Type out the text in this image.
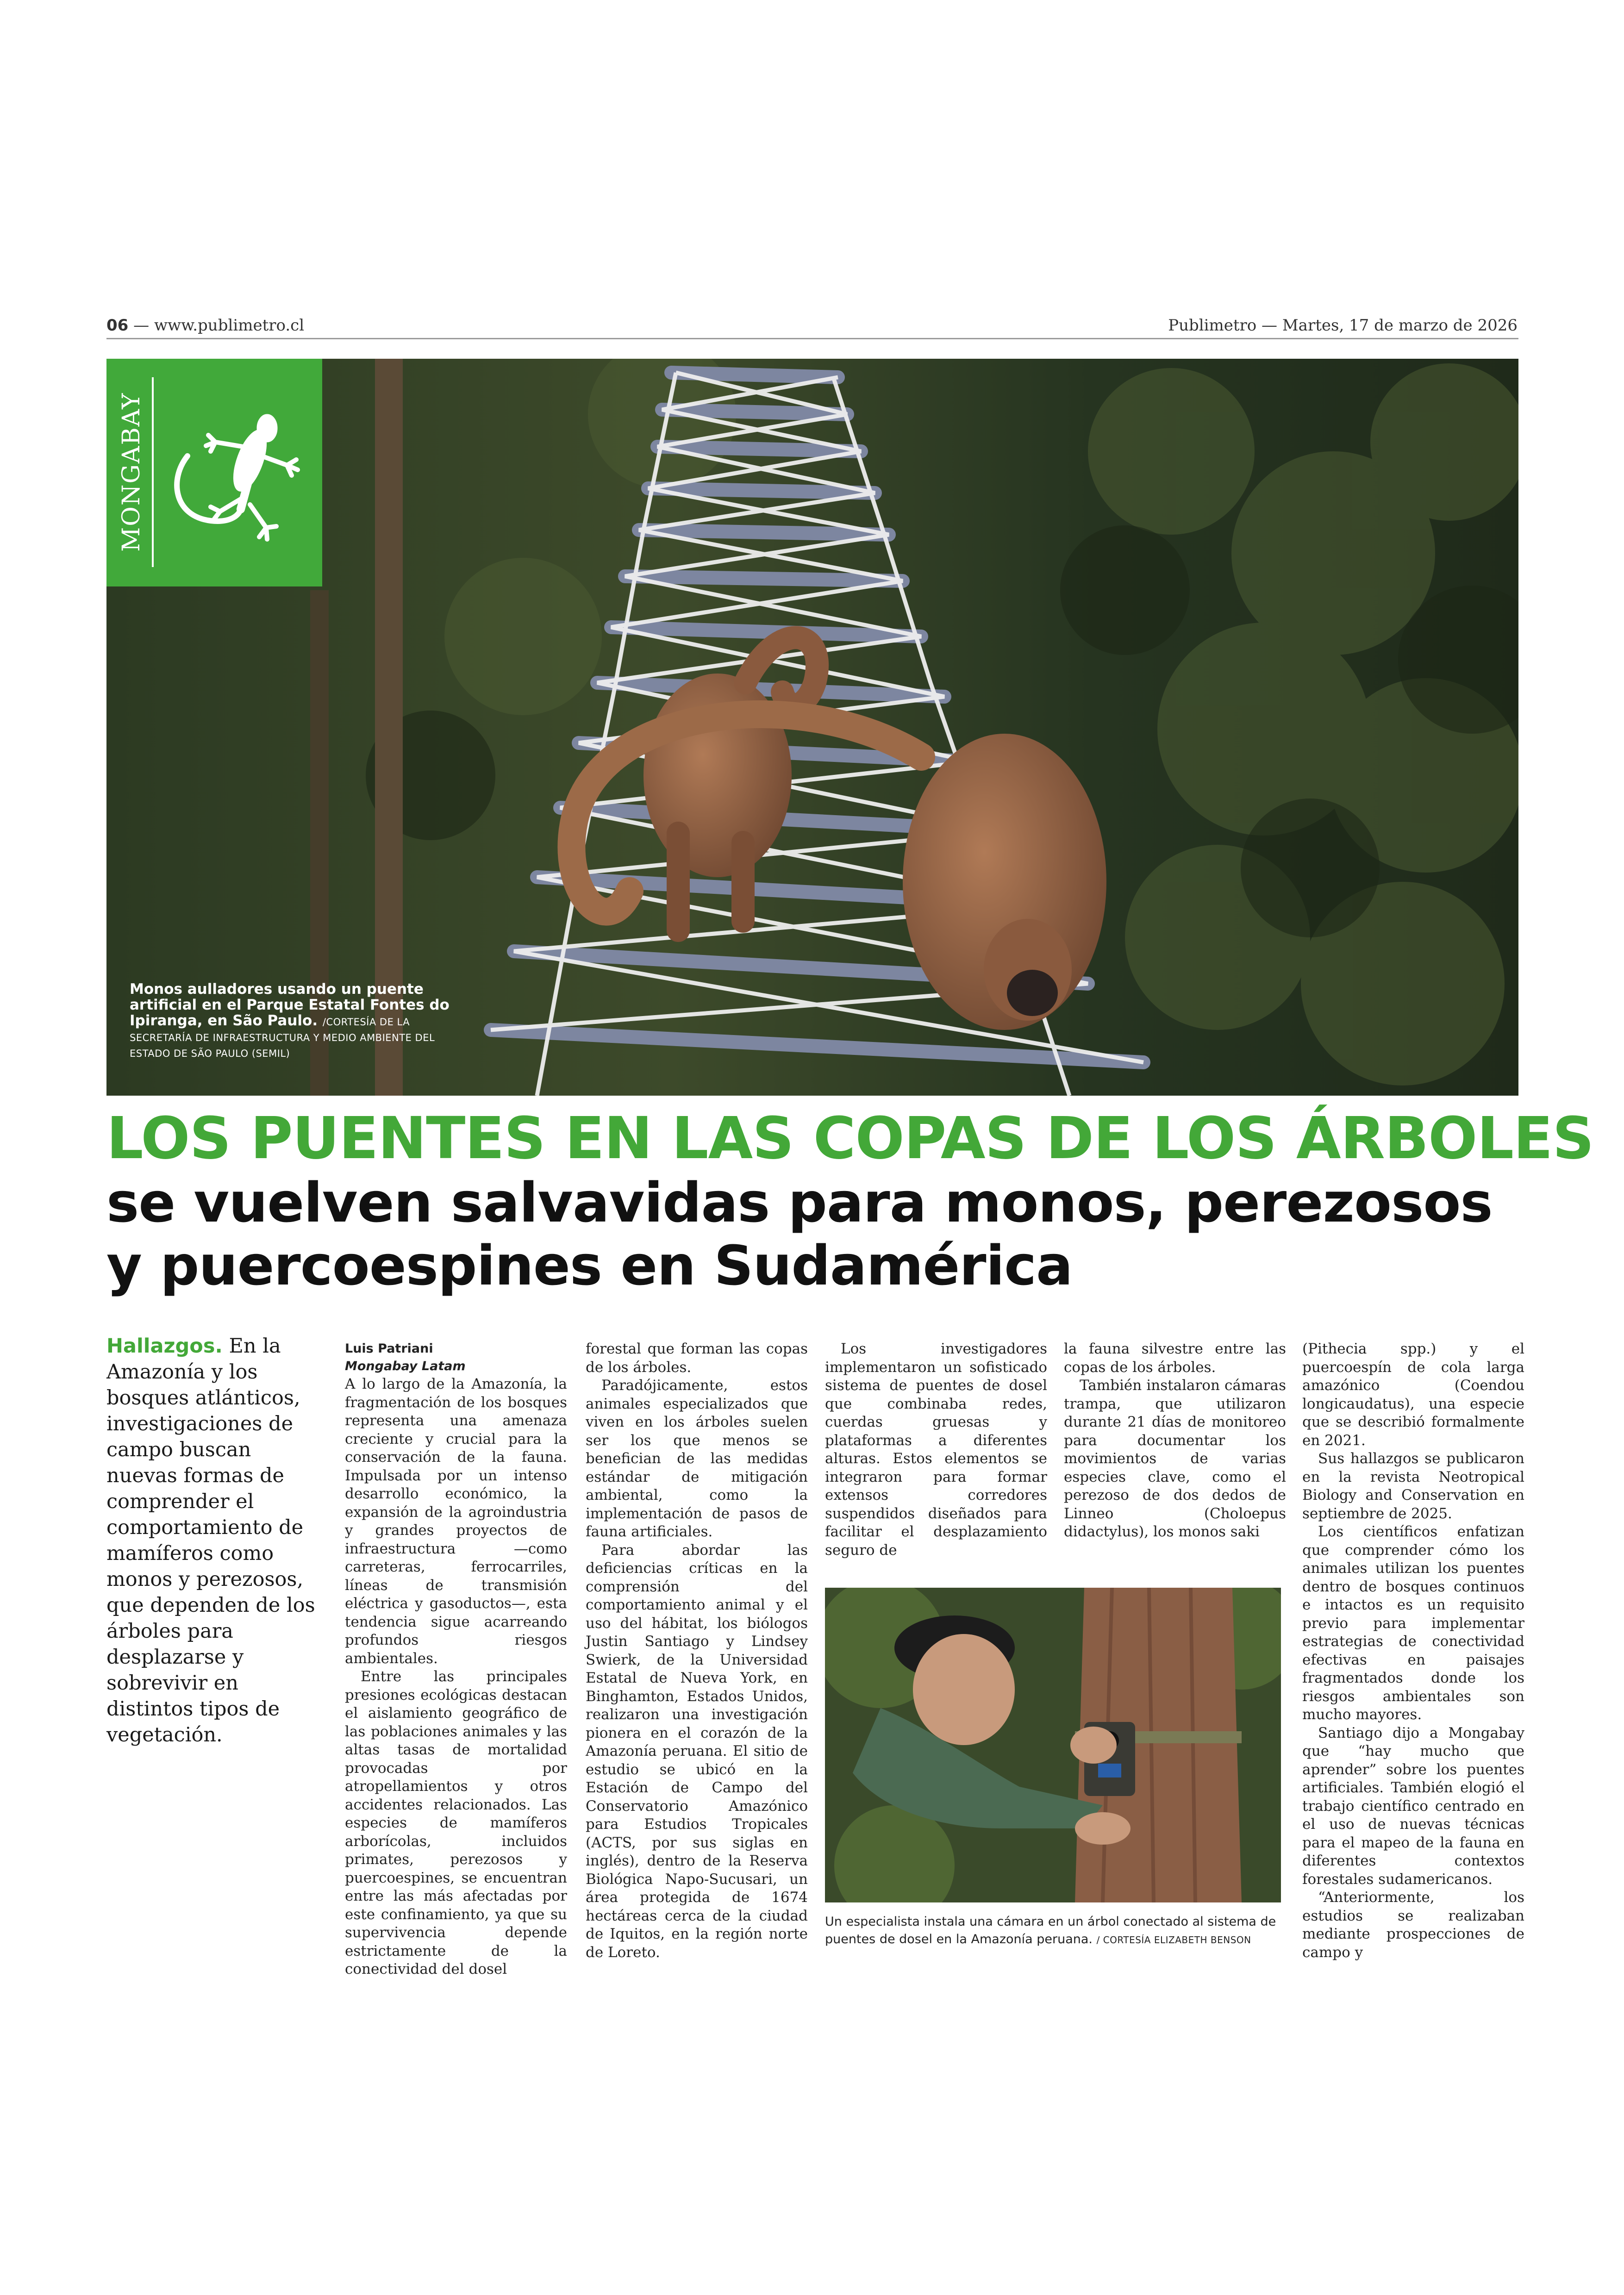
06 — www.publimetro.cl	Publimetro — Martes, 17 de marzo de 2026
MONGABAY
Monos aulladores usando un puente artificial en el Parque Estatal Fontes do Ipiranga, en São Paulo. /CORTESÍA DE LA SECRETARÍA DE INFRAESTRUCTURA Y MEDIO AMBIENTE DEL ESTADO DE SÃO PAULO (SEMIL)
LOS PUENTES EN LAS COPAS DE LOS ÁRBOLES
se vuelven salvavidas para monos, perezosos
y puercoespines en Sudamérica
Hallazgos. En la Amazonía y los bosques atlánticos, investigaciones de campo buscan nuevas formas de comprender el comportamiento de mamíferos como monos y perezosos, que dependen de los árboles para desplazarse y sobrevivir en distintos tipos de vegetación.
Luis Patriani
Mongabay Latam

A lo largo de la Amazonía, la fragmentación de los bosques representa una amenaza creciente y crucial para la conservación de la fauna. Impulsada por un intenso desarrollo económico, la expansión de la agroindustria y grandes proyectos de infraestructura —como carreteras, ferrocarriles, líneas de transmisión eléctrica y gasoductos—, esta tendencia sigue acarreando profundos riesgos ambientales.

Entre las principales presiones ecológicas destacan el aislamiento geográfico de las poblaciones animales y las altas tasas de mortalidad provocadas por atropellamientos y otros accidentes relacionados. Las especies de mamíferos arborícolas, incluidos primates, perezosos y puercoespines, se encuentran entre las más afectadas por este confinamiento, ya que su supervivencia depende estrictamente de la conectividad del dosel

forestal que forman las copas de los árboles.

Paradójicamente, estos animales especializados que viven en los árboles suelen ser los que menos se benefician de las medidas estándar de mitigación ambiental, como la implementación de pasos de fauna artificiales.

Para abordar las deficiencias críticas en la comprensión del comportamiento animal y el uso del hábitat, los biólogos Justin Santiago y Lindsey Swierk, de la Universidad Estatal de Nueva York, en Binghamton, Estados Unidos, realizaron una investigación pionera en el corazón de la Amazonía peruana. El sitio de estudio se ubicó en la Estación de Campo del Conservatorio Amazónico para Estudios Tropicales (ACTS, por sus siglas en inglés), dentro de la Reserva Biológica Napo-Sucusari, un área protegida de 1674 hectáreas cerca de la ciudad de Iquitos, en la región norte de Loreto.

Los investigadores implementaron un sofisticado sistema de puentes de dosel que combinaba redes, cuerdas gruesas y plataformas a diferentes alturas. Estos elementos se integraron para formar extensos corredores suspendidos diseñados para facilitar el desplazamiento seguro de

la fauna silvestre entre las copas de los árboles.

También instalaron cámaras trampa, que utilizaron durante 21 días de monitoreo para documentar los movimientos de varias especies clave, como el perezoso de dos dedos de Linneo (Choloepus didactylus), los monos saki

(Pithecia spp.) y el puercoespín de cola larga amazónico (Coendou longicaudatus), una especie que se describió formalmente en 2021.

Sus hallazgos se publicaron en la revista Neotropical Biology and Conservation en septiembre de 2025.

Los científicos enfatizan que comprender cómo los animales utilizan los puentes dentro de bosques continuos e intactos es un requisito previo para implementar estrategias de conectividad efectivas en paisajes fragmentados donde los riesgos ambientales son mucho mayores.

Santiago dijo a Mongabay que “hay mucho que aprender” sobre los puentes artificiales. También elogió el trabajo científico centrado en el uso de nuevas técnicas para el mapeo de la fauna en diferentes contextos forestales sudamericanos.

“Anteriormente, los estudios se realizaban mediante prospecciones de campo y

Un especialista instala una cámara en un árbol conectado al sistema de puentes de dosel en la Amazonía peruana. / CORTESÍA ELIZABETH BENSON
